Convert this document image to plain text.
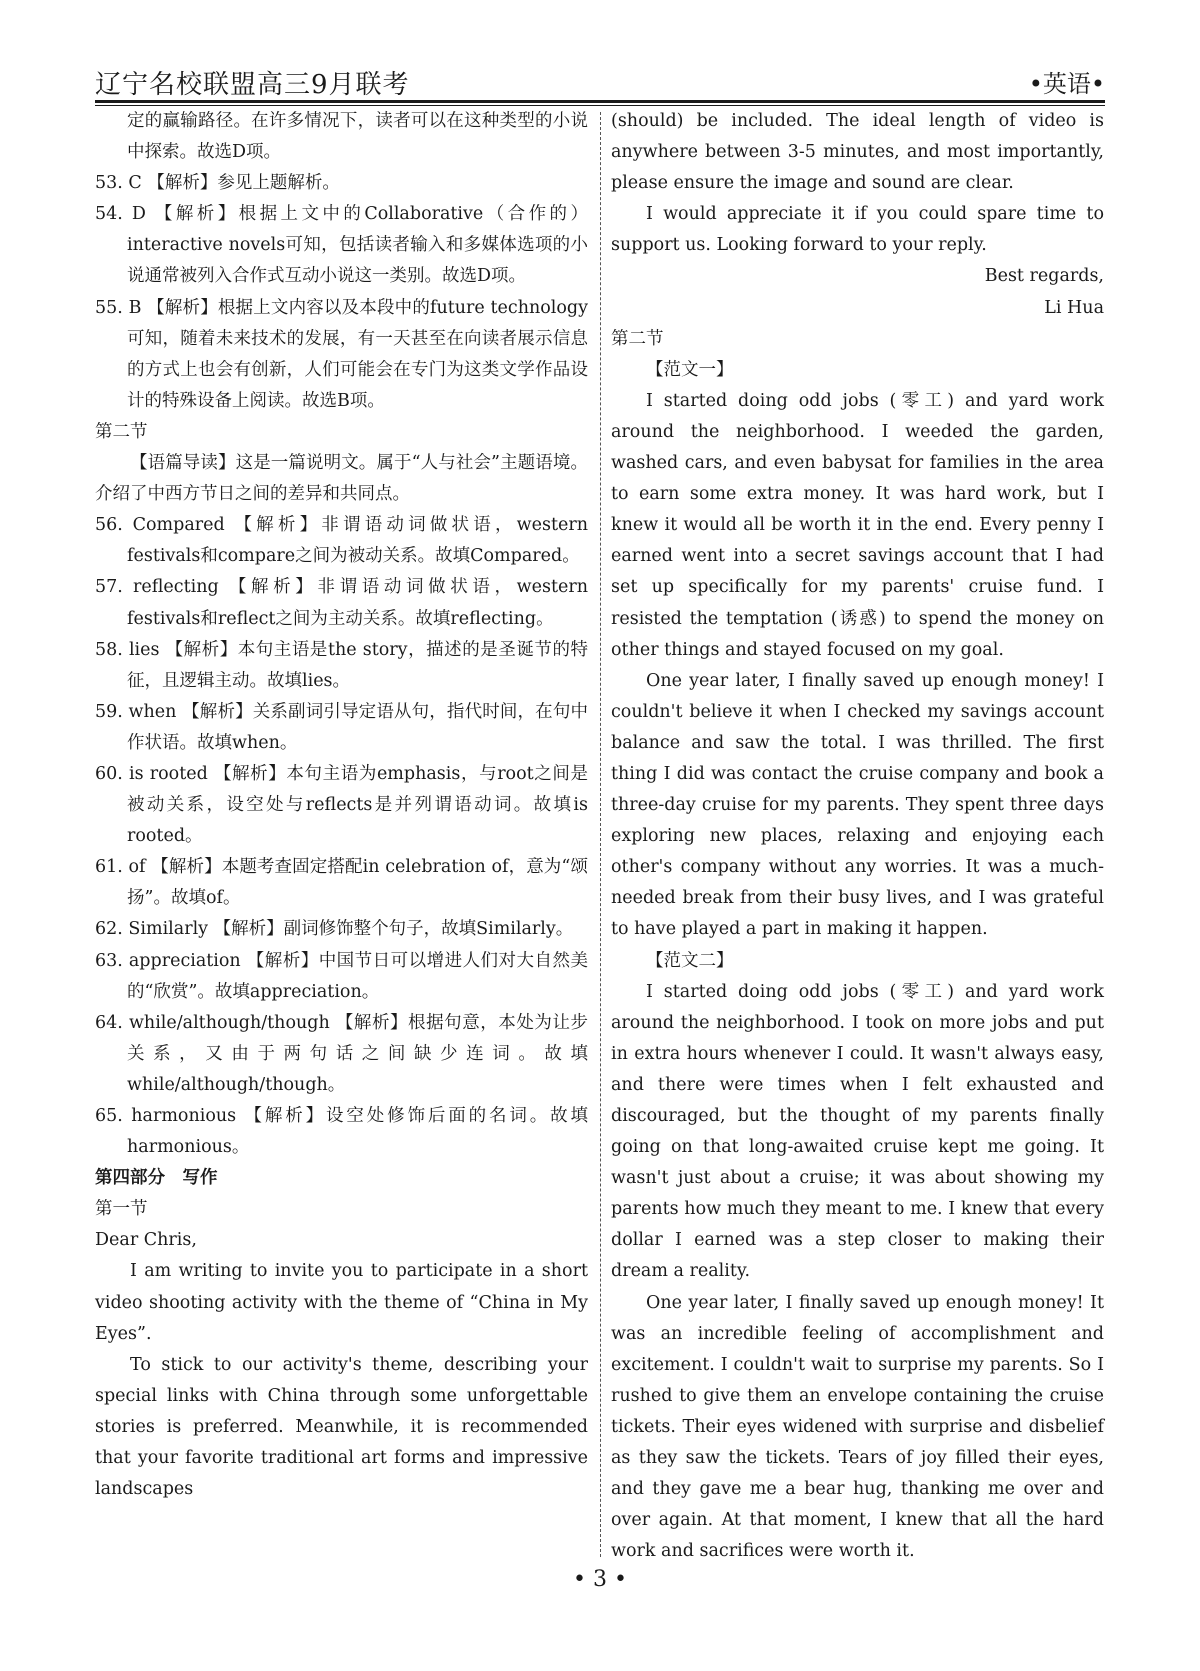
辽宁名校联盟高三9月联考	•英语•

定的赢输路径。在许多情况下，读者可以在这种类型的小说中探索。故选D项。

53. C 【解析】参见上题解析。

54. D 【解析】根据上文中的Collaborative（合作的）interactive novels可知，包括读者输入和多媒体选项的小说通常被列入合作式互动小说这一类别。故选D项。

55. B 【解析】根据上文内容以及本段中的future technology可知，随着未来技术的发展，有一天甚至在向读者展示信息的方式上也会有创新，人们可能会在专门为这类文学作品设计的特殊设备上阅读。故选B项。

第二节

【语篇导读】这是一篇说明文。属于“人与社会”主题语境。介绍了中西方节日之间的差异和共同点。

56. Compared 【解析】非谓语动词做状语，western festivals和compare之间为被动关系。故填Compared。

57. reflecting 【解析】非谓语动词做状语，western festivals和reflect之间为主动关系。故填reflecting。

58. lies 【解析】本句主语是the story，描述的是圣诞节的特征，且逻辑主动。故填lies。

59. when 【解析】关系副词引导定语从句，指代时间，在句中作状语。故填when。

60. is rooted 【解析】本句主语为emphasis，与root之间是被动关系，设空处与reflects是并列谓语动词。故填is rooted。

61. of 【解析】本题考查固定搭配in celebration of，意为“颂扬”。故填of。

62. Similarly 【解析】副词修饰整个句子，故填Similarly。

63. appreciation 【解析】中国节日可以增进人们对大自然美的“欣赏”。故填appreciation。

64. while/although/though 【解析】根据句意，本处为让步关系，又由于两句话之间缺少连词。故填while/although/though。

65. harmonious 【解析】设空处修饰后面的名词。故填harmonious。

第四部分　写作

第一节

Dear Chris,

I am writing to invite you to participate in a short video shooting activity with the theme of “China in My Eyes”.

To stick to our activity's theme, describing your special links with China through some unforgettable stories is preferred. Meanwhile, it is recommended that your favorite traditional art forms and impressive landscapes

(should) be included. The ideal length of video is anywhere between 3-5 minutes, and most importantly, please ensure the image and sound are clear.

I would appreciate it if you could spare time to support us. Looking forward to your reply.

Best regards,

Li Hua

第二节

【范文一】

I started doing odd jobs (零工) and yard work around the neighborhood. I weeded the garden, washed cars, and even babysat for families in the area to earn some extra money. It was hard work, but I knew it would all be worth it in the end. Every penny I earned went into a secret savings account that I had set up specifically for my parents' cruise fund. I resisted the temptation (诱惑) to spend the money on other things and stayed focused on my goal.

One year later, I finally saved up enough money! I couldn't believe it when I checked my savings account balance and saw the total. I was thrilled. The first thing I did was contact the cruise company and book a three-day cruise for my parents. They spent three days exploring new places, relaxing and enjoying each other's company without any worries. It was a much-needed break from their busy lives, and I was grateful to have played a part in making it happen.

【范文二】

I started doing odd jobs (零工) and yard work around the neighborhood. I took on more jobs and put in extra hours whenever I could. It wasn't always easy, and there were times when I felt exhausted and discouraged, but the thought of my parents finally going on that long-awaited cruise kept me going. It wasn't just about a cruise; it was about showing my parents how much they meant to me. I knew that every dollar I earned was a step closer to making their dream a reality.

One year later, I finally saved up enough money! It was an incredible feeling of accomplishment and excitement. I couldn't wait to surprise my parents. So I rushed to give them an envelope containing the cruise tickets. Their eyes widened with surprise and disbelief as they saw the tickets. Tears of joy filled their eyes, and they gave me a bear hug, thanking me over and over again. At that moment, I knew that all the hard work and sacrifices were worth it.

• 3 •
